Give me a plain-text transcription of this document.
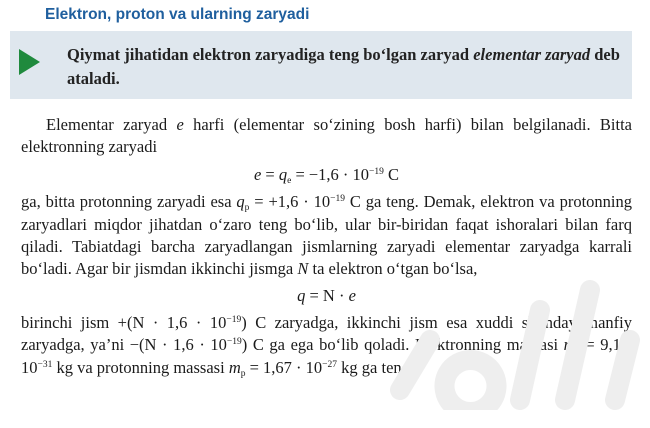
Elektron, proton va ularning zaryadi
Qiymat jihatidan elektron zaryadiga teng bo‘lgan zaryad elementar zaryad deb ataladi.

Elementar zaryad e harfi (elementar so‘zining bosh harfi) bilan belgilanadi. Bitta elektronning zaryadi

$e = q_e = -1,6 \cdot 10^{-19}$ C

ga, bitta protonning zaryadi esa $q_p = +1,6 \cdot 10^{-19}$ C ga teng. Demak, elektron va protonning zaryadlari miqdor jihatdan o‘zaro teng bo‘lib, ular bir-biridan faqat ishoralari bilan farq qiladi. Tabiatdagi barcha zaryadlangan jismlarning zaryadi elementar zaryadga karrali bo‘ladi. Agar bir jismdan ikkinchi jismga N ta elektron o‘tgan bo‘lsa,

q = N · e

birinchi jism $+(N \cdot 1,6 \cdot 10^{-19})$ C zaryadga, ikkinchi jism esa xuddi shunday manfiy zaryadga, ya’ni $-(N \cdot 1,6 \cdot 10^{-19})$ C ga ega bo‘lib qoladi. Elektronning massasi $m_e = 9,1 \cdot 10^{-31}$ kg va protonning massasi $m_p = 1,67 \cdot 10^{-27}$ kg ga teng.
